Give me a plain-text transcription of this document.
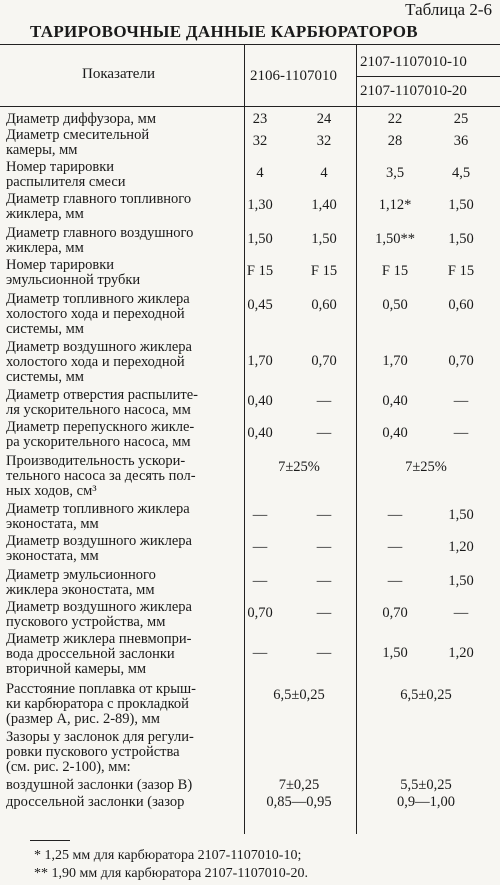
Таблица 2-6
ТАРИРОВОЧНЫЕ ДАННЫЕ КАРБЮРАТОРОВ
Показатели	2106-1107010
2107-1107010-10
2107-1107010-20
Диаметр диффузора, мм	23	24	22	25
Диаметр смесительной
камеры, мм
32	32	28	36
Номер тарировки
распылителя смеси
4	4	3,5	4,5
Диаметр главного топливного
жиклера, мм
1,30	1,40	1,12*	1,50
Диаметр главного воздушного
жиклера, мм
1,50	1,50	1,50**	1,50
Номер тарировки
эмульсионной трубки
F 15	F 15	F 15	F 15
Диаметр топливного жиклера
холостого хода и переходной
системы, мм
0,45	0,60	0,50	0,60
Диаметр воздушного жиклера
холостого хода и переходной
системы, мм
1,70	0,70	1,70	0,70
Диаметр отверстия распылите-
ля ускорительного насоса, мм
0,40	—	0,40	—
Диаметр перепускного жикле-
ра ускорительного насоса, мм
0,40	—	0,40	—
Производительность ускори-
тельного насоса за десять пол-
ных ходов, см³
7±25%	7±25%
Диаметр топливного жиклера
эконостата, мм
—	—	—	1,50
Диаметр воздушного жиклера
эконостата, мм
—	—	—	1,20
Диаметр эмульсионного
жиклера эконостата, мм
—	—	—	1,50
Диаметр воздушного жиклера
пускового устройства, мм
0,70	—	0,70	—
Диаметр жиклера пневмопри-
вода дроссельной заслонки
вторичной камеры, мм
—	—	1,50	1,20
Расстояние поплавка от крыш-
ки карбюратора с прокладкой
(размер А, рис. 2-89), мм
6,5±0,25	6,5±0,25
Зазоры у заслонок для регули-
ровки пускового устройства
(см. рис. 2-100), мм:
воздушной заслонки (зазор В)	7±0,25	5,5±0,25
дроссельной заслонки (зазор	0,85—0,95	0,9—1,00
* 1,25 мм для карбюратора 2107-1107010-10;
** 1,90 мм для карбюратора 2107-1107010-20.
